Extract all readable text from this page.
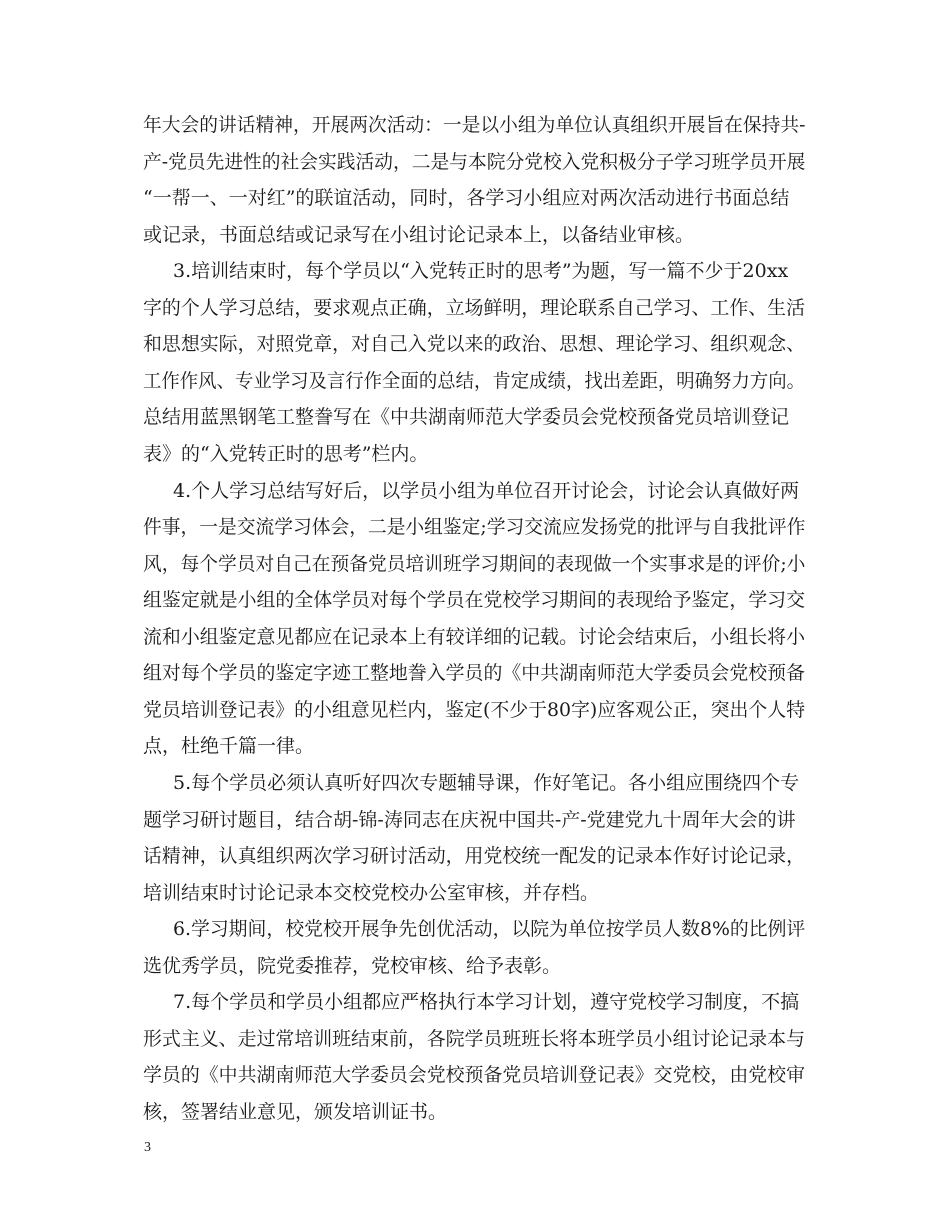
年大会的讲话精神，开展两次活动：一是以小组为单位认真组织开展旨在保持共-
产-党员先进性的社会实践活动，二是与本院分党校入党积极分子学习班学员开展
“一帮一、一对红”的联谊活动，同时，各学习小组应对两次活动进行书面总结
或记录，书面总结或记录写在小组讨论记录本上，以备结业审核。
3.培训结束时，每个学员以“入党转正时的思考”为题，写一篇不少于20xx
字的个人学习总结，要求观点正确，立场鲜明，理论联系自己学习、工作、生活
和思想实际，对照党章，对自己入党以来的政治、思想、理论学习、组织观念、
工作作风、专业学习及言行作全面的总结，肯定成绩，找出差距，明确努力方向。
总结用蓝黑钢笔工整誊写在《中共湖南师范大学委员会党校预备党员培训登记
表》的“入党转正时的思考”栏内。
4.个人学习总结写好后，以学员小组为单位召开讨论会，讨论会认真做好两
件事，一是交流学习体会，二是小组鉴定;学习交流应发扬党的批评与自我批评作
风，每个学员对自己在预备党员培训班学习期间的表现做一个实事求是的评价;小
组鉴定就是小组的全体学员对每个学员在党校学习期间的表现给予鉴定，学习交
流和小组鉴定意见都应在记录本上有较详细的记载。讨论会结束后，小组长将小
组对每个学员的鉴定字迹工整地誊入学员的《中共湖南师范大学委员会党校预备
党员培训登记表》的小组意见栏内，鉴定(不少于80字)应客观公正，突出个人特
点，杜绝千篇一律。
5.每个学员必须认真听好四次专题辅导课，作好笔记。各小组应围绕四个专
题学习研讨题目，结合胡-锦-涛同志在庆祝中国共-产-党建党九十周年大会的讲
话精神，认真组织两次学习研讨活动，用党校统一配发的记录本作好讨论记录，
培训结束时讨论记录本交校党校办公室审核，并存档。
6.学习期间，校党校开展争先创优活动，以院为单位按学员人数8%的比例评
选优秀学员，院党委推荐，党校审核、给予表彰。
7.每个学员和学员小组都应严格执行本学习计划，遵守党校学习制度，不搞
形式主义、走过常培训班结束前，各院学员班班长将本班学员小组讨论记录本与
学员的《中共湖南师范大学委员会党校预备党员培训登记表》交党校，由党校审
核，签署结业意见，颁发培训证书。
3
